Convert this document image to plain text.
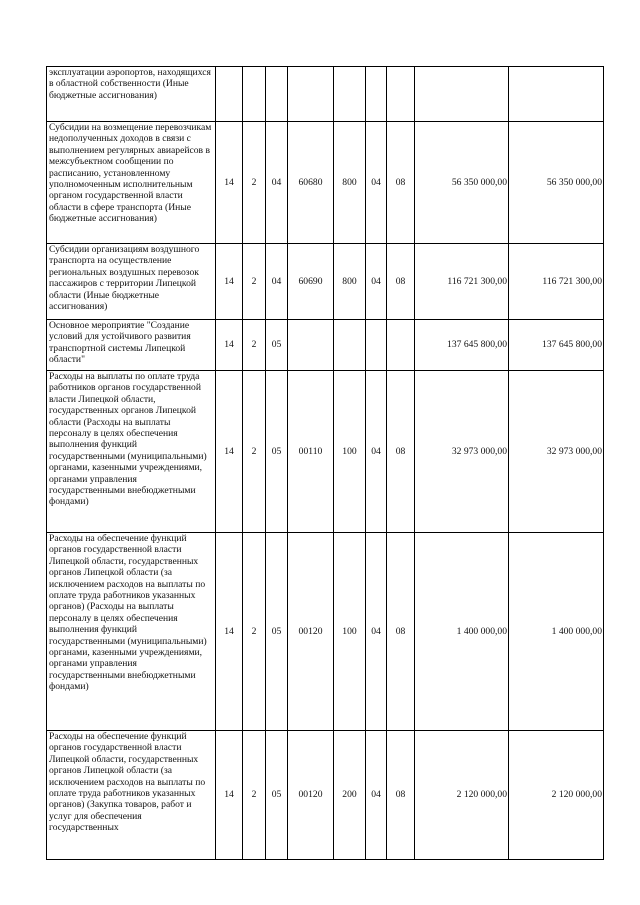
эксплуатации аэропортов, находящихся в областной собственности (Иные бюджетные ассигнования)									
Субсидии на возмещение перевозчикам недополученных доходов в связи с выполнением регулярных авиарейсов в межсубъектном сообщении по расписанию, установленному уполномоченным исполнительным органом государственной власти области в сфере транспорта (Иные бюджетные ассигнования)	14	2	04	60680	800	04	08	56 350 000,00	56 350 000,00
Субсидии организациям воздушного транспорта на осуществление региональных воздушных перевозок пассажиров с территории Липецкой области (Иные бюджетные ассигнования)	14	2	04	60690	800	04	08	116 721 300,00	116 721 300,00
Основное мероприятие "Создание условий для устойчивого развития транспортной системы Липецкой области"	14	2	05					137 645 800,00	137 645 800,00
Расходы на выплаты по оплате труда работников органов государственной власти Липецкой области, государственных органов Липецкой области (Расходы на выплаты персоналу в целях обеспечения выполнения функций государственными (муниципальными) органами, казенными учреждениями, органами управления государственными внебюджетными фондами)	14	2	05	00110	100	04	08	32 973 000,00	32 973 000,00
Расходы на обеспечение функций органов государственной власти Липецкой области, государственных органов Липецкой области (за исключением расходов на выплаты по оплате труда работников указанных органов) (Расходы на выплаты персоналу в целях обеспечения выполнения функций государственными (муниципальными) органами, казенными учреждениями, органами управления государственными внебюджетными фондами)	14	2	05	00120	100	04	08	1 400 000,00	1 400 000,00
Расходы на обеспечение функций органов государственной власти Липецкой области, государственных органов Липецкой области (за исключением расходов на выплаты по оплате труда работников указанных органов) (Закупка товаров, работ и услуг для обеспечения государственных	14	2	05	00120	200	04	08	2 120 000,00	2 120 000,00
